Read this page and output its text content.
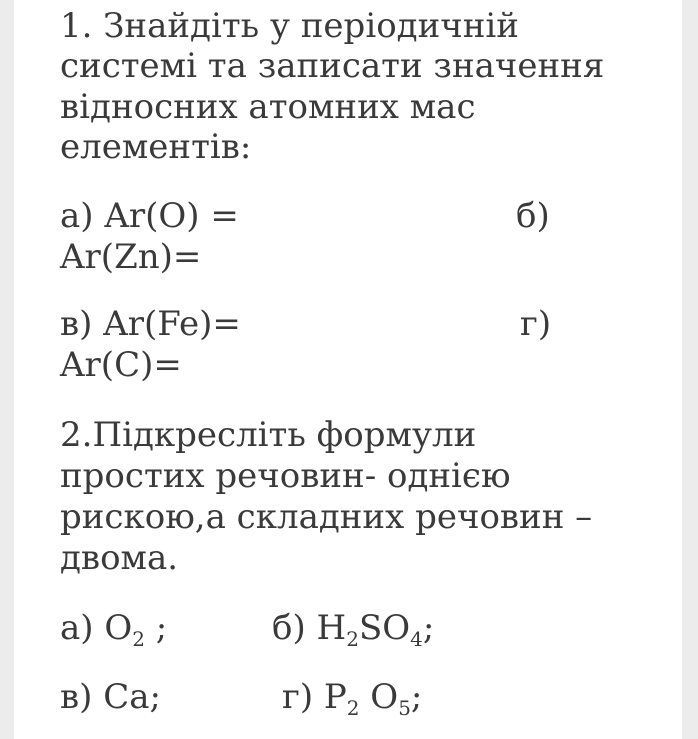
1. Знайдіть у періодичній
системі та записати значення
відносних атомних мас
елементів:
а) Ar(O) =	б)
Ar(Zn)=
в) Ar(Fe)=	г)
Ar(C)=
2.Підкресліть формули
простих речовин- однією
рискою,а складних речовин –
двома.
а) $O_2$ ;	б) $H_2SO_4$;
в) Ca;	г) $P_2$ $O_5$;
